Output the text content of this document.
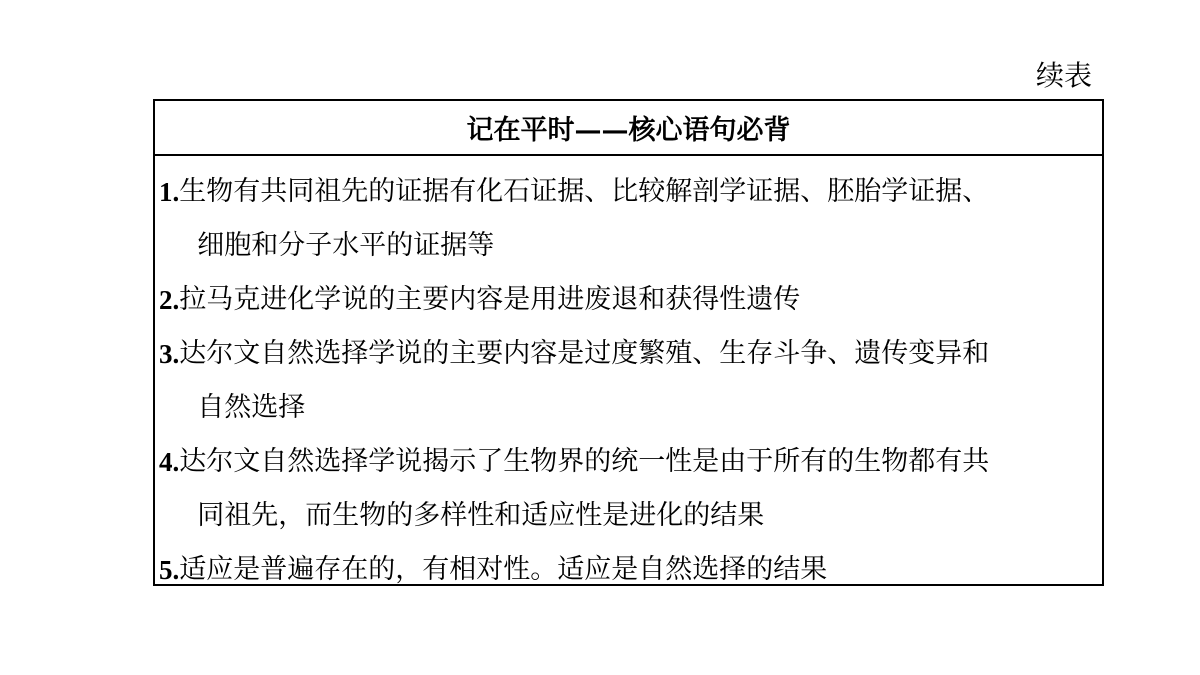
续表
记在平时——核心语句必背
1. 生物有共同祖先的证据有化石证据、比较解剖学证据、胚胎学证据、
细胞和分子水平的证据等
2. 拉马克进化学说的主要内容是用进废退和获得性遗传
3. 达尔文自然选择学说的主要内容是过度繁殖、生存斗争、遗传变异和
自然选择
4. 达尔文自然选择学说揭示了生物界的统一性是由于所有的生物都有共
同祖先，而生物的多样性和适应性是进化的结果
5. 适应是普遍存在的，有相对性。适应是自然选择的结果
